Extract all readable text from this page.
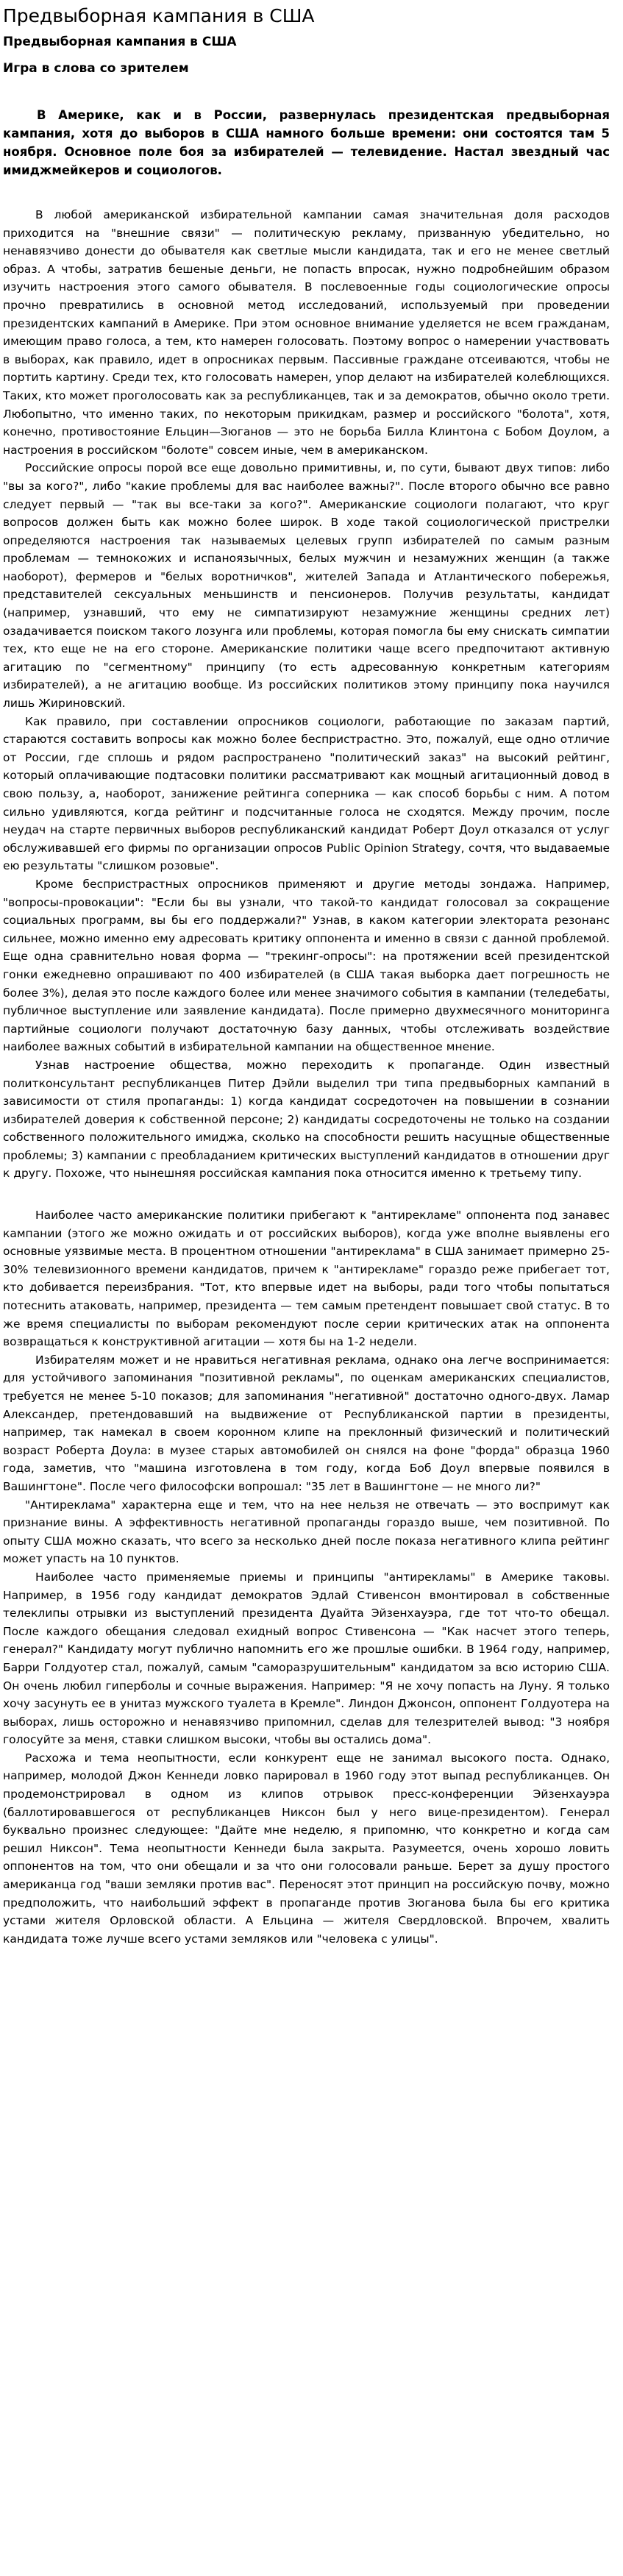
Предвыборная кампания в США
Предвыборная кампания в США
Игра в слова со зрителем

В Америке, как и в России, развернулась президентская предвыборная кампания, хотя до выборов в США намного больше времени: они состоятся там 5 ноября. Основное поле боя за избирателей — телевидение. Настал звездный час имиджмейкеров и социологов.

В любой американской избирательной кампании самая значительная доля расходов приходится на "внешние связи" — политическую рекламу, призванную убедительно, но ненавязчиво донести до обывателя как светлые мысли кандидата, так и его не менее светлый образ. А чтобы, затратив бешеные деньги, не попасть впросак, нужно подробнейшим образом изучить настроения этого самого обывателя. В послевоенные годы социологические опросы прочно превратились в основной метод исследований, используемый при проведении президентских кампаний в Америке. При этом основное внимание уделяется не всем гражданам, имеющим право голоса, а тем, кто намерен голосовать. Поэтому вопрос о намерении участвовать в выборах, как правило, идет в опросниках первым. Пассивные граждане отсеиваются, чтобы не портить картину. Среди тех, кто голосовать намерен, упор делают на избирателей колеблющихся. Таких, кто может проголосовать как за республиканцев, так и за демократов, обычно около трети. Любопытно, что именно таких, по некоторым прикидкам, размер и российского "болота", хотя, конечно, противостояние Ельцин—Зюганов — это не борьба Билла Клинтона с Бобом Доулом, а настроения в российском "болоте" совсем иные, чем в американском.

Российские опросы порой все еще довольно примитивны, и, по сути, бывают двух типов: либо "вы за кого?", либо "какие проблемы для вас наиболее важны?". После второго обычно все равно следует первый — "так вы все-таки за кого?". Американские социологи полагают, что круг вопросов должен быть как можно более широк. В ходе такой социологической пристрелки определяются настроения так называемых целевых групп избирателей по самым разным проблемам — темнокожих и испаноязычных, белых мужчин и незамужних женщин (а также наоборот), фермеров и "белых воротничков", жителей Запада и Атлантического побережья, представителей сексуальных меньшинств и пенсионеров. Получив результаты, кандидат (например, узнавший, что ему не симпатизируют незамужние женщины средних лет) озадачивается поиском такого лозунга или проблемы, которая помогла бы ему снискать симпатии тех, кто еще не на его стороне. Американские политики чаще всего предпочитают активную агитацию по "сегментному" принципу (то есть адресованную конкретным категориям избирателей), а не агитацию вообще. Из российских политиков этому принципу пока научился лишь Жириновский.

Как правило, при составлении опросников социологи, работающие по заказам партий, стараются составить вопросы как можно более беспристрастно. Это, пожалуй, еще одно отличие от России, где сплошь и рядом распространено "политический заказ" на высокий рейтинг, который оплачивающие подтасовки политики рассматривают как мощный агитационный довод в свою пользу, а, наоборот, занижение рейтинга соперника — как способ борьбы с ним. А потом сильно удивляются, когда рейтинг и подсчитанные голоса не сходятся. Между прочим, после неудач на старте первичных выборов республиканский кандидат Роберт Доул отказался от услуг обслуживавшей его фирмы по организации опросов Public Opinion Strategy, сочтя, что выдаваемые ею результаты "слишком розовые".

Кроме беспристрастных опросников применяют и другие методы зондажа. Например, "вопросы-провокации": "Если бы вы узнали, что такой-то кандидат голосовал за сокращение социальных программ, вы бы его поддержали?" Узнав, в каком категории электората резонанс сильнее, можно именно ему адресовать критику оппонента и именно в связи с данной проблемой. Еще одна сравнительно новая форма — "трекинг-опросы": на протяжении всей президентской гонки ежедневно опрашивают по 400 избирателей (в США такая выборка дает погрешность не более 3%), делая это после каждого более или менее значимого события в кампании (теледебаты, публичное выступление или заявление кандидата). После примерно двухмесячного мониторинга партийные социологи получают достаточную базу данных, чтобы отслеживать воздействие наиболее важных событий в избирательной кампании на общественное мнение.

Узнав настроение общества, можно переходить к пропаганде. Один известный политконсультант республиканцев Питер Дэйли выделил три типа предвыборных кампаний в зависимости от стиля пропаганды: 1) когда кандидат сосредоточен на повышении в сознании избирателей доверия к собственной персоне; 2) кандидаты сосредоточены не только на создании собственного положительного имиджа, сколько на способности решить насущные общественные проблемы; 3) кампании с преобладанием критических выступлений кандидатов в отношении друг к другу. Похоже, что нынешняя российская кампания пока относится именно к третьему типу.

Наиболее часто американские политики прибегают к "антирекламе" оппонента под занавес кампании (этого же можно ожидать и от российских выборов), когда уже вполне выявлены его основные уязвимые места. В процентном отношении "антиреклама" в США занимает примерно 25-30% телевизионного времени кандидатов, причем к "антирекламе" гораздо реже прибегает тот, кто добивается переизбрания. "Тот, кто впервые идет на выборы, ради того чтобы попытаться потеснить атаковать, например, президента — тем самым претендент повышает свой статус. В то же время специалисты по выборам рекомендуют после серии критических атак на оппонента возвращаться к конструктивной агитации — хотя бы на 1-2 недели.

Избирателям может и не нравиться негативная реклама, однако она легче воспринимается: для устойчивого запоминания "позитивной рекламы", по оценкам американских специалистов, требуется не менее 5-10 показов; для запоминания "негативной" достаточно одного-двух. Ламар Александер, претендовавший на выдвижение от Республиканской партии в президенты, например, так намекал в своем коронном клипе на преклонный физический и политический возраст Роберта Доула: в музее старых автомобилей он снялся на фоне "форда" образца 1960 года, заметив, что "машина изготовлена в том году, когда Боб Доул впервые появился в Вашингтоне". После чего философски вопрошал: "35 лет в Вашингтоне — не много ли?"

"Антиреклама" характерна еще и тем, что на нее нельзя не отвечать — это воспримут как признание вины. А эффективность негативной пропаганды гораздо выше, чем позитивной. По опыту США можно сказать, что всего за несколько дней после показа негативного клипа рейтинг может упасть на 10 пунктов.

Наиболее часто применяемые приемы и принципы "антирекламы" в Америке таковы. Например, в 1956 году кандидат демократов Эдлай Стивенсон вмонтировал в собственные телеклипы отрывки из выступлений президента Дуайта Эйзенхауэра, где тот что-то обещал. После каждого обещания следовал ехидный вопрос Стивенсона — "Как насчет этого теперь, генерал?" Кандидату могут публично напомнить его же прошлые ошибки. В 1964 году, например, Барри Голдуотер стал, пожалуй, самым "саморазрушительным" кандидатом за всю историю США. Он очень любил гиперболы и сочные выражения. Например: "Я не хочу попасть на Луну. Я только хочу засунуть ее в унитаз мужского туалета в Кремле". Линдон Джонсон, оппонент Голдуотера на выборах, лишь осторожно и ненавязчиво припомнил, сделав для телезрителей вывод: "3 ноября голосуйте за меня, ставки слишком высоки, чтобы вы остались дома".

Расхожа и тема неопытности, если конкурент еще не занимал высокого поста. Однако, например, молодой Джон Кеннеди ловко парировал в 1960 году этот выпад республиканцев. Он продемонстрировал в одном из клипов отрывок пресс-конференции Эйзенхауэра (баллотировавшегося от республиканцев Никсон был у него вице-президентом). Генерал буквально произнес следующее: "Дайте мне неделю, я припомню, что конкретно и когда сам решил Никсон". Тема неопытности Кеннеди была закрыта. Разумеется, очень хорошо ловить оппонентов на том, что они обещали и за что они голосовали раньше. Берет за душу простого американца год "ваши земляки против вас". Переносят этот принцип на российскую почву, можно предположить, что наибольший эффект в пропаганде против Зюганова была бы его критика устами жителя Орловской области. А Ельцина — жителя Свердловской. Впрочем, хвалить кандидата тоже лучше всего устами земляков или "человека с улицы".
